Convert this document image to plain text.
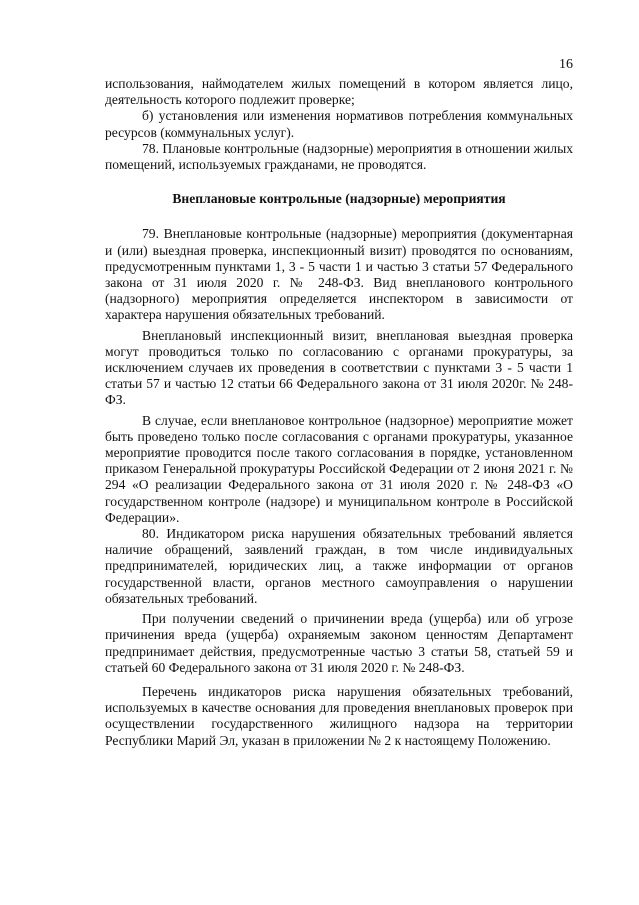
16

использования, наймодателем жилых помещений в котором является лицо, деятельность которого подлежит проверке;

б) установления или изменения нормативов потребления коммунальных ресурсов (коммунальных услуг).

78. Плановые контрольные (надзорные) мероприятия в отношении жилых помещений, используемых гражданами, не проводятся.

Внеплановые контрольные (надзорные) мероприятия

79. Внеплановые контрольные (надзорные) мероприятия (документарная и (или) выездная проверка, инспекционный визит) проводятся по основаниям, предусмотренным пунктами 1, 3 - 5 части 1 и частью 3 статьи 57 Федерального закона от 31 июля 2020 г. № 248-ФЗ. Вид внепланового контрольного (надзорного) мероприятия определяется инспектором в зависимости от характера нарушения обязательных требований.

Внеплановый инспекционный визит, внеплановая выездная проверка могут проводиться только по согласованию с органами прокуратуры, за исключением случаев их проведения в соответствии с пунктами 3 - 5 части 1 статьи 57 и частью 12 статьи 66 Федерального закона от 31 июля 2020г. № 248-ФЗ.

В случае, если внеплановое контрольное (надзорное) мероприятие может быть проведено только после согласования с органами прокуратуры, указанное мероприятие проводится после такого согласования в порядке, установленном приказом Генеральной прокуратуры Российской Федерации от 2 июня 2021 г. № 294 «О реализации Федерального закона от 31 июля 2020 г. № 248-ФЗ «О государственном контроле (надзоре) и муниципальном контроле в Российской Федерации».

80. Индикатором риска нарушения обязательных требований является наличие обращений, заявлений граждан, в том числе индивидуальных предпринимателей, юридических лиц, а также информации от органов государственной власти, органов местного самоуправления о нарушении обязательных требований.

При получении сведений о причинении вреда (ущерба) или об угрозе причинения вреда (ущерба) охраняемым законом ценностям Департамент предпринимает действия, предусмотренные частью 3 статьи 58, статьей 59 и статьей 60 Федерального закона от 31 июля 2020 г. № 248-ФЗ.

Перечень индикаторов риска нарушения обязательных требований, используемых в качестве основания для проведения внеплановых проверок при осуществлении государственного жилищного надзора на территории Республики Марий Эл, указан в приложении № 2 к настоящему Положению.
